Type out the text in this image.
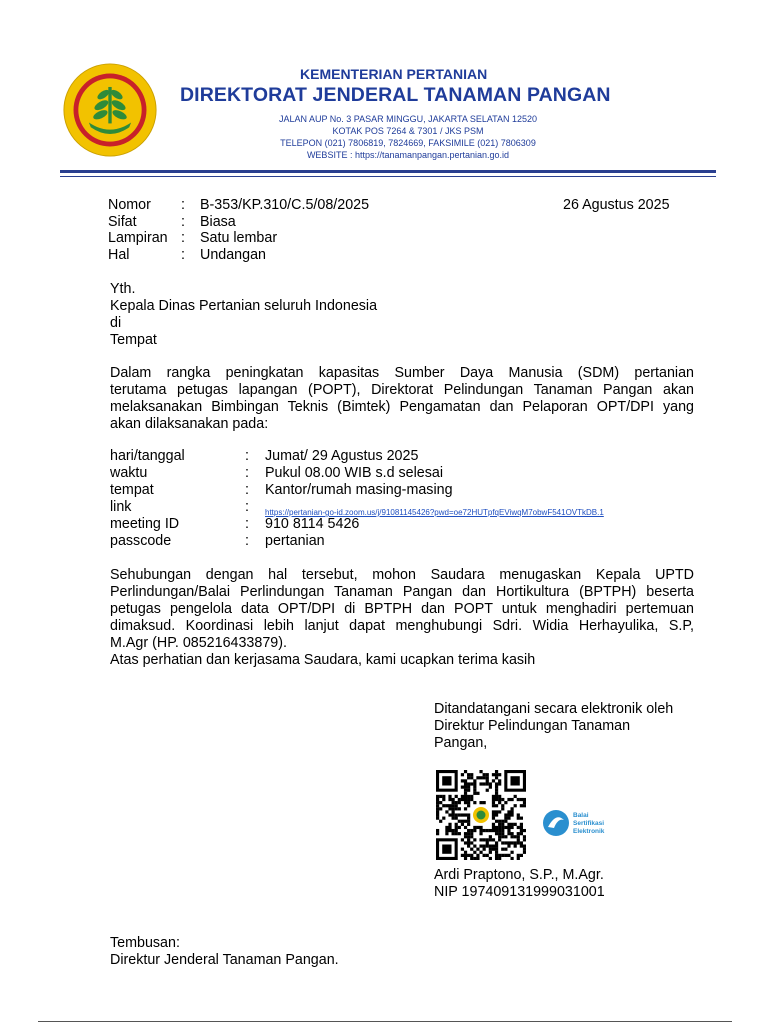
KEMENTERIAN PERTANIAN
DIREKTORAT JENDERAL TANAMAN PANGAN
JALAN AUP No. 3 PASAR MINGGU, JAKARTA SELATAN 12520
KOTAK POS 7264 & 7301 / JKS PSM
TELEPON (021) 7806819, 7824669, FAKSIMILE (021) 7806309
WEBSITE : https://tanamanpangan.pertanian.go.id
Nomor : B-353/KP.310/C.5/08/2025
Sifat	: Biasa
Lampiran : Satu lembar
Hal	: Undangan
26 Agustus 2025
Yth.
Kepala Dinas Pertanian seluruh Indonesia
di
Tempat
Dalam rangka peningkatan kapasitas Sumber Daya Manusia (SDM) pertanian
terutama petugas lapangan (POPT), Direktorat Pelindungan Tanaman Pangan akan
melaksanakan Bimbingan Teknis (Bimtek) Pengamatan dan Pelaporan OPT/DPI yang
akan dilaksanakan pada:
hari/tanggal	: Jumat/ 29 Agustus 2025
waktu	: Pukul 08.00 WIB s.d selesai
tempat	: Kantor/rumah masing-masing
link	: https://pertanian-go-id.zoom.us/j/91081145426?pwd=oe72HUTpfqEViwqM7obwF541OVTkDB.1
meeting ID	: 910 8114 5426
passcode	: pertanian
Sehubungan dengan hal tersebut, mohon Saudara menugaskan Kepala UPTD
Perlindungan/Balai Perlindungan Tanaman Pangan dan Hortikultura (BPTPH) beserta
petugas pengelola data OPT/DPI di BPTPH dan POPT untuk menghadiri pertemuan
dimaksud. Koordinasi lebih lanjut dapat menghubungi Sdri. Widia Herhayulika, S.P,
M.Agr (HP. 085216433879).
Atas perhatian dan kerjasama Saudara, kami ucapkan terima kasih
Ditandatangani secara elektronik oleh
Direktur Pelindungan Tanaman
Pangan,
Balai
Sertifikasi
Elektronik
Ardi Praptono, S.P., M.Agr.
NIP 197409131999031001
Tembusan:
Direktur Jenderal Tanaman Pangan.
